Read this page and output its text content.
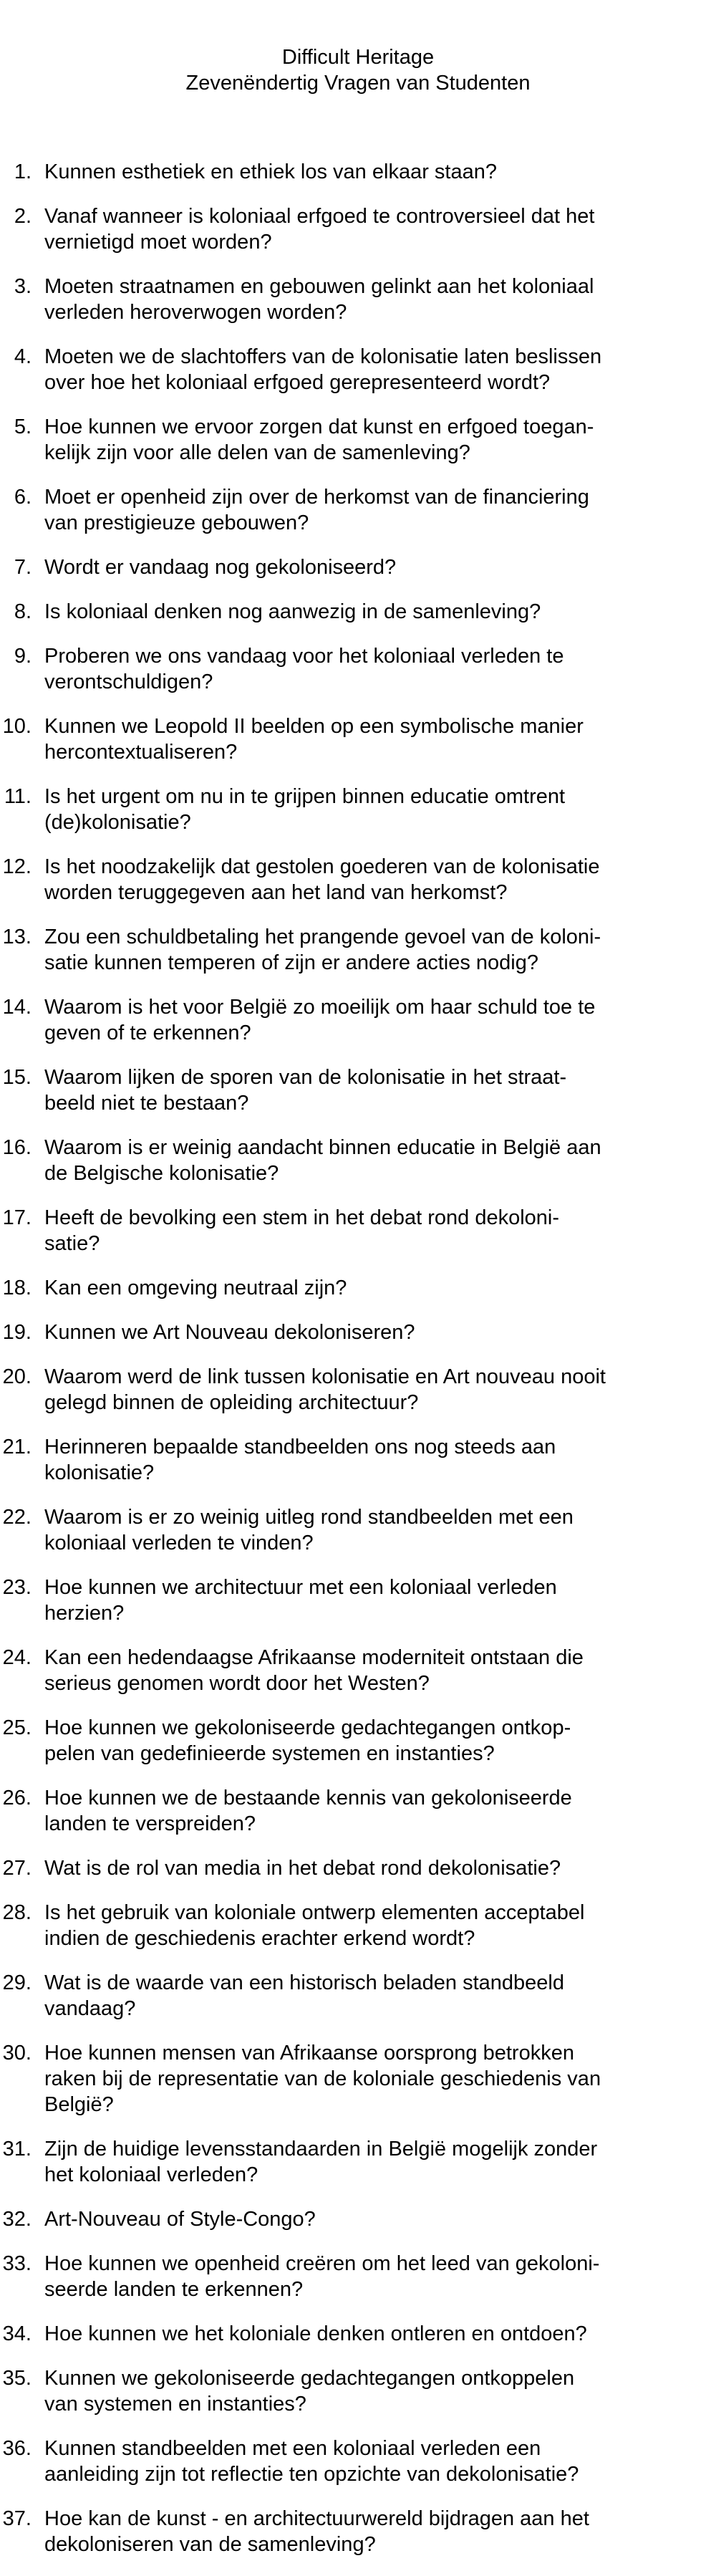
Difficult Heritage
Zevenëndertig Vragen van Studenten
1. Kunnen esthetiek en ethiek los van elkaar staan?
2. Vanaf wanneer is koloniaal erfgoed te controversieel dat het
vernietigd moet worden?
3. Moeten straatnamen en gebouwen gelinkt aan het koloniaal
verleden heroverwogen worden?
4. Moeten we de slachtoffers van de kolonisatie laten beslissen
over hoe het koloniaal erfgoed gerepresenteerd wordt?
5. Hoe kunnen we ervoor zorgen dat kunst en erfgoed toegan-
kelijk zijn voor alle delen van de samenleving?
6. Moet er openheid zijn over de herkomst van de financiering
van prestigieuze gebouwen?
7. Wordt er vandaag nog gekoloniseerd?
8. Is koloniaal denken nog aanwezig in de samenleving?
9. Proberen we ons vandaag voor het koloniaal verleden te
verontschuldigen?
10. Kunnen we Leopold II beelden op een symbolische manier
hercontextualiseren?
11. Is het urgent om nu in te grijpen binnen educatie omtrent
(de)kolonisatie?
12. Is het noodzakelijk dat gestolen goederen van de kolonisatie
worden teruggegeven aan het land van herkomst?
13. Zou een schuldbetaling het prangende gevoel van de koloni-
satie kunnen temperen of zijn er andere acties nodig?
14. Waarom is het voor België zo moeilijk om haar schuld toe te
geven of te erkennen?
15. Waarom lijken de sporen van de kolonisatie in het straat-
beeld niet te bestaan?
16. Waarom is er weinig aandacht binnen educatie in België aan
de Belgische kolonisatie?
17. Heeft de bevolking een stem in het debat rond dekoloni-
satie?
18. Kan een omgeving neutraal zijn?
19. Kunnen we Art Nouveau dekoloniseren?
20. Waarom werd de link tussen kolonisatie en Art nouveau nooit
gelegd binnen de opleiding architectuur?
21. Herinneren bepaalde standbeelden ons nog steeds aan
kolonisatie?
22. Waarom is er zo weinig uitleg rond standbeelden met een
koloniaal verleden te vinden?
23. Hoe kunnen we architectuur met een koloniaal verleden
herzien?
24. Kan een hedendaagse Afrikaanse moderniteit ontstaan die
serieus genomen wordt door het Westen?
25. Hoe kunnen we gekoloniseerde gedachtegangen ontkop-
pelen van gedefinieerde systemen en instanties?
26. Hoe kunnen we de bestaande kennis van gekoloniseerde
landen te verspreiden?
27. Wat is de rol van media in het debat rond dekolonisatie?
28. Is het gebruik van koloniale ontwerp elementen acceptabel
indien de geschiedenis erachter erkend wordt?
29. Wat is de waarde van een historisch beladen standbeeld
vandaag?
30. Hoe kunnen mensen van Afrikaanse oorsprong betrokken
raken bij de representatie van de koloniale geschiedenis van
België?
31. Zijn de huidige levensstandaarden in België mogelijk zonder
het koloniaal verleden?
32. Art-Nouveau of Style-Congo?
33. Hoe kunnen we openheid creëren om het leed van gekoloni-
seerde landen te erkennen?
34. Hoe kunnen we het koloniale denken ontleren en ontdoen?
35. Kunnen we gekoloniseerde gedachtegangen ontkoppelen
van systemen en instanties?
36. Kunnen standbeelden met een koloniaal verleden een
aanleiding zijn tot reflectie ten opzichte van dekolonisatie?
37. Hoe kan de kunst - en architectuurwereld bijdragen aan het
dekoloniseren van de samenleving?
